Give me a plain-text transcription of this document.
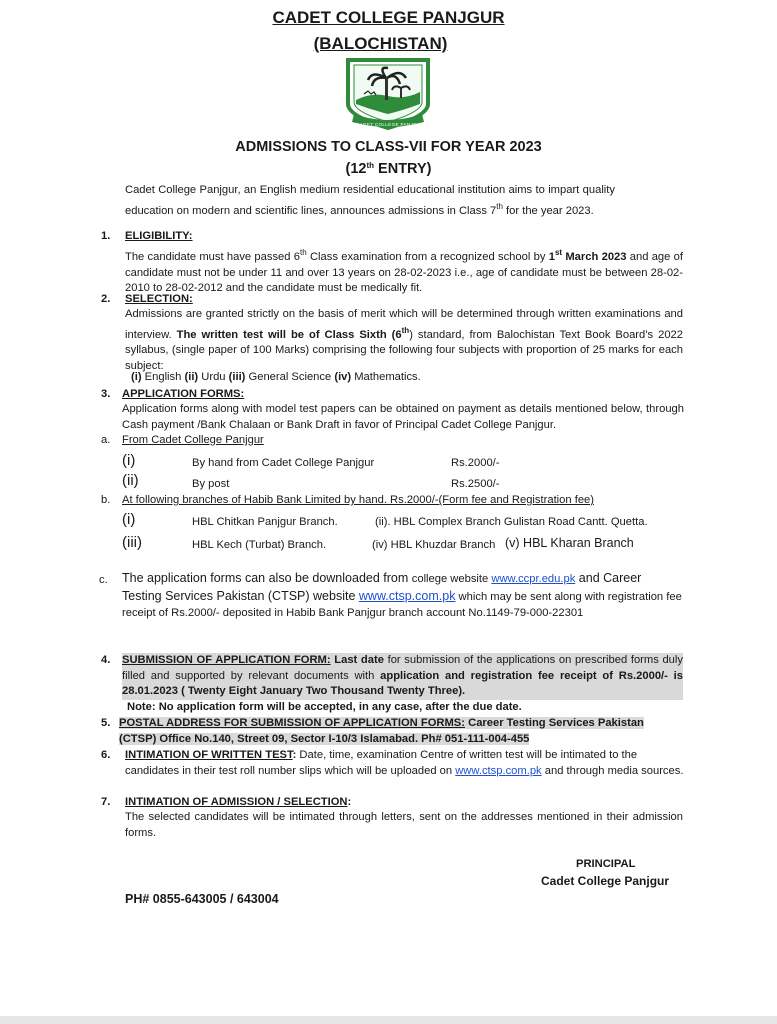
CADET COLLEGE PANJGUR
(BALOCHISTAN)
CADET COLLEGE PANJGUR
ADMISSIONS TO CLASS-VII FOR YEAR 2023
(12th ENTRY)
Cadet College Panjgur, an English medium residential educational institution aims to impart quality education on modern and scientific lines, announces admissions in Class 7th for the year 2023.
1. ELIGIBILITY:
The candidate must have passed 6th Class examination from a recognized school by 1st March 2023 and age of candidate must not be under 11 and over 13 years on 28-02-2023 i.e., age of candidate must be between 28-02-2010 to 28-02-2012 and the candidate must be medically fit.
2. SELECTION:
Admissions are granted strictly on the basis of merit which will be determined through written examinations and interview. The written test will be of Class Sixth (6th) standard, from Balochistan Text Book Board’s 2022 syllabus, (single paper of 100 Marks) comprising the following four subjects with proportion of 25 marks for each subject:
(i) English (ii) Urdu (iii) General Science (iv) Mathematics.
3. APPLICATION FORMS:
Application forms along with model test papers can be obtained on payment as details mentioned below, through Cash payment /Bank Chalaan or Bank Draft in favor of Principal Cadet College Panjgur.
a. From Cadet College Panjgur
(i)	By hand from Cadet College Panjgur	Rs.2000/-
(ii)	By post	Rs.2500/-
b. At following branches of Habib Bank Limited by hand. Rs.2000/-(Form fee and Registration fee)
(i)	HBL Chitkan Panjgur Branch.	(ii). HBL Complex Branch Gulistan Road Cantt. Quetta.
(iii)	HBL Kech (Turbat) Branch.	(iv) HBL Khuzdar Branch (v) HBL Kharan Branch
c. The application forms can also be downloaded from college website www.ccpr.edu.pk and Career Testing Services Pakistan (CTSP) website www.ctsp.com.pk which may be sent along with registration fee receipt of Rs.2000/- deposited in Habib Bank Panjgur branch account No.1149-79-000-22301
4. SUBMISSION OF APPLICATION FORM: Last date for submission of the applications on prescribed forms duly filled and supported by relevant documents with application and registration fee receipt of Rs.2000/- is 28.01.2023 ( Twenty Eight January Two Thousand Twenty Three).
Note: No application form will be accepted, in any case, after the due date.
5. POSTAL ADDRESS FOR SUBMISSION OF APPLICATION FORMS: Career Testing Services Pakistan (CTSP) Office No.140, Street 09, Sector I-10/3 Islamabad. Ph# 051-111-004-455
6. INTIMATION OF WRITTEN TEST: Date, time, examination Centre of written test will be intimated to the candidates in their test roll number slips which will be uploaded on www.ctsp.com.pk and through media sources.
7. INTIMATION OF ADMISSION / SELECTION:
The selected candidates will be intimated through letters, sent on the addresses mentioned in their admission forms.
PRINCIPAL
Cadet College Panjgur
PH# 0855-643005 / 643004
